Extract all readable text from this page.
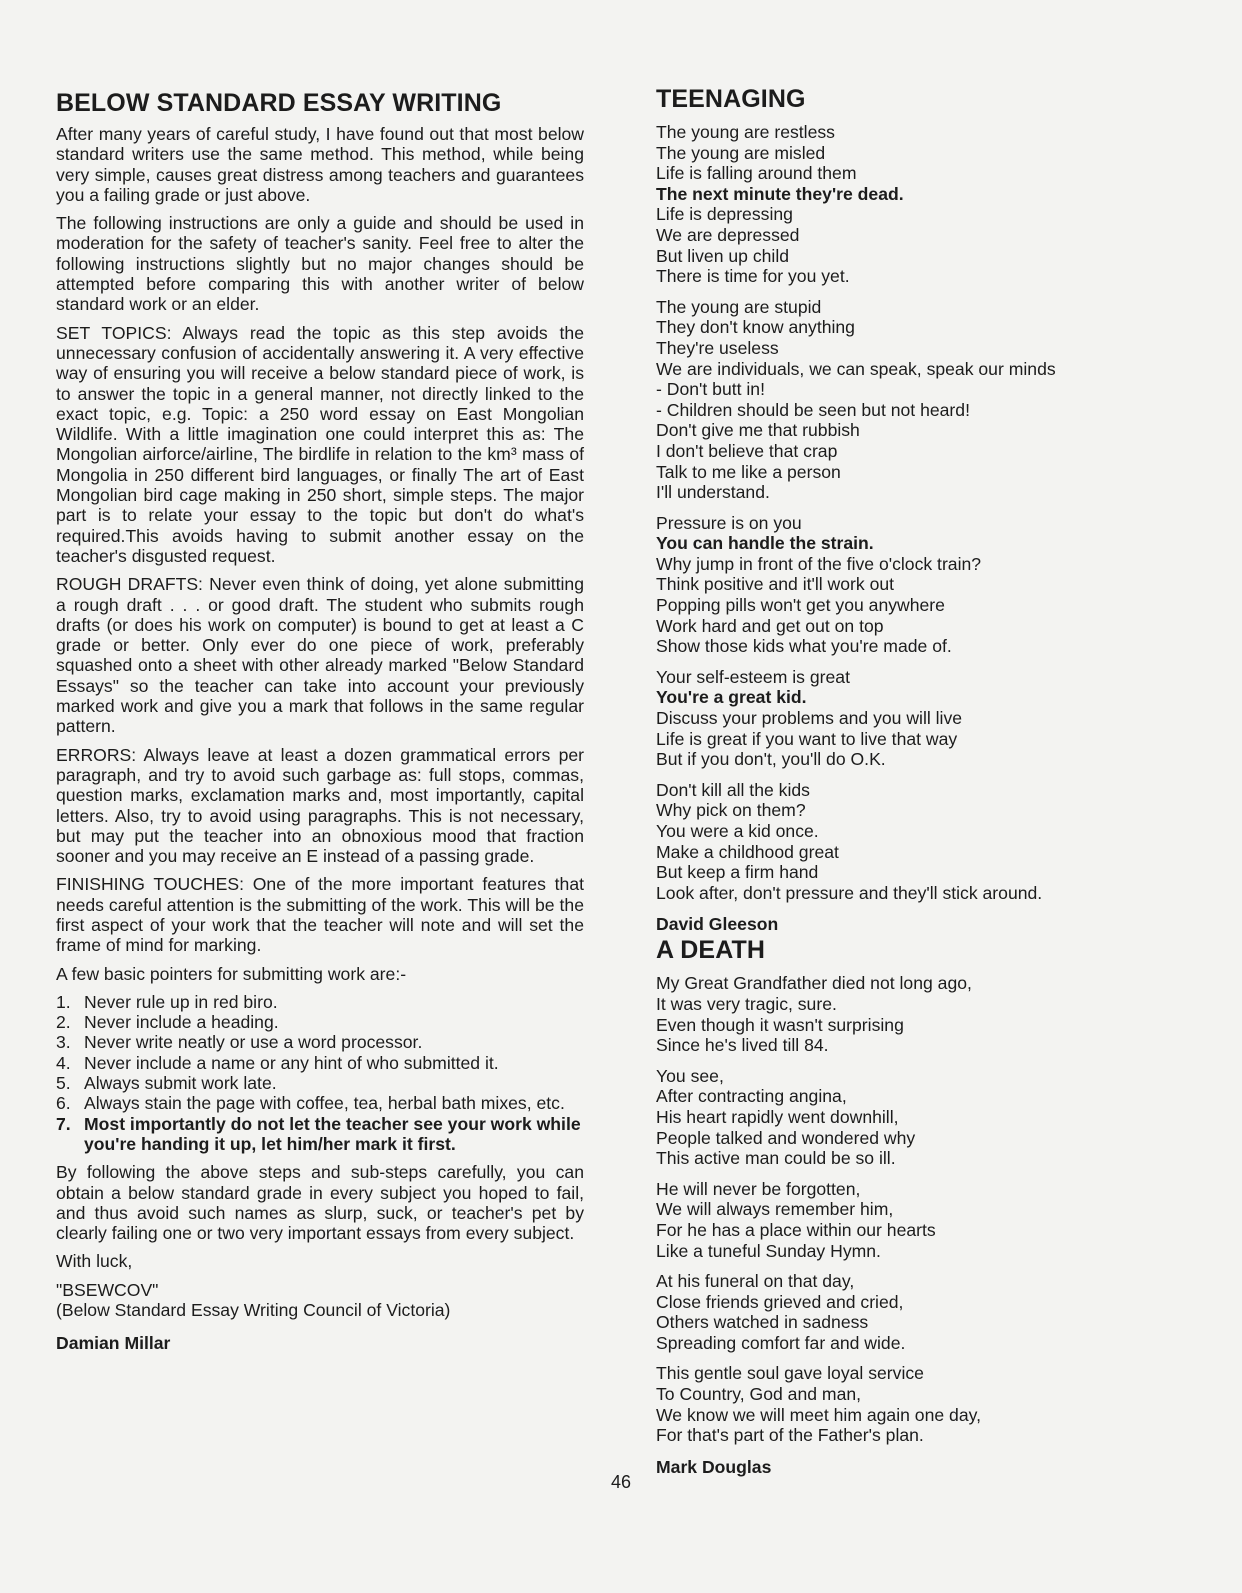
BELOW STANDARD ESSAY WRITING

After many years of careful study, I have found out that most below standard writers use the same method. This method, while being very simple, causes great distress among teachers and guarantees you a failing grade or just above.

The following instructions are only a guide and should be used in moderation for the safety of teacher's sanity. Feel free to alter the following instructions slightly but no major changes should be attempted before comparing this with another writer of below standard work or an elder.

SET TOPICS: Always read the topic as this step avoids the unnecessary confusion of accidentally answering it. A very effective way of ensuring you will receive a below standard piece of work, is to answer the topic in a general manner, not directly linked to the exact topic, e.g. Topic: a 250 word essay on East Mongolian Wildlife. With a little imagination one could interpret this as: The Mongolian airforce/airline, The birdlife in relation to the km³ mass of Mongolia in 250 different bird languages, or finally The art of East Mongolian bird cage making in 250 short, simple steps. The major part is to relate your essay to the topic but don't do what's required.This avoids having to submit another essay on the teacher's disgusted request.

ROUGH DRAFTS: Never even think of doing, yet alone submitting a rough draft . . . or good draft. The student who submits rough drafts (or does his work on computer) is bound to get at least a C grade or better. Only ever do one piece of work, preferably squashed onto a sheet with other already marked "Below Standard Essays" so the teacher can take into account your previously marked work and give you a mark that follows in the same regular pattern.

ERRORS: Always leave at least a dozen grammatical errors per paragraph, and try to avoid such garbage as: full stops, commas, question marks, exclamation marks and, most importantly, capital letters. Also, try to avoid using paragraphs. This is not necessary, but may put the teacher into an obnoxious mood that fraction sooner and you may receive an E instead of a passing grade.

FINISHING TOUCHES: One of the more important features that needs careful attention is the submitting of the work. This will be the first aspect of your work that the teacher will note and will set the frame of mind for marking.

A few basic pointers for submitting work are:-

1. Never rule up in red biro.
2. Never include a heading.
3. Never write neatly or use a word processor.
4. Never include a name or any hint of who submitted it.
5. Always submit work late.
6. Always stain the page with coffee, tea, herbal bath mixes, etc.
7. Most importantly do not let the teacher see your work while you're handing it up, let him/her mark it first.

By following the above steps and sub-steps carefully, you can obtain a below standard grade in every subject you hoped to fail, and thus avoid such names as slurp, suck, or teacher's pet by clearly failing one or two very important essays from every subject.

With luck,

"BSEWCOV"

(Below Standard Essay Writing Council of Victoria)

Damian Millar
TEENAGING
The young are restless
The young are misled
Life is falling around them
The next minute they're dead.
Life is depressing
We are depressed
But liven up child
There is time for you yet.
The young are stupid
They don't know anything
They're useless
We are individuals, we can speak, speak our minds
- Don't butt in!
- Children should be seen but not heard!
Don't give me that rubbish
I don't believe that crap
Talk to me like a person
I'll understand.
Pressure is on you
You can handle the strain.
Why jump in front of the five o'clock train?
Think positive and it'll work out
Popping pills won't get you anywhere
Work hard and get out on top
Show those kids what you're made of.
Your self-esteem is great
You're a great kid.
Discuss your problems and you will live
Life is great if you want to live that way
But if you don't, you'll do O.K.
Don't kill all the kids
Why pick on them?
You were a kid once.
Make a childhood great
But keep a firm hand
Look after, don't pressure and they'll stick around.
David Gleeson
A DEATH
My Great Grandfather died not long ago,
It was very tragic, sure.
Even though it wasn't surprising
Since he's lived till 84.
You see,
After contracting angina,
His heart rapidly went downhill,
People talked and wondered why
This active man could be so ill.
He will never be forgotten,
We will always remember him,
For he has a place within our hearts
Like a tuneful Sunday Hymn.
At his funeral on that day,
Close friends grieved and cried,
Others watched in sadness
Spreading comfort far and wide.
This gentle soul gave loyal service
To Country, God and man,
We know we will meet him again one day,
For that's part of the Father's plan.
Mark Douglas
46
